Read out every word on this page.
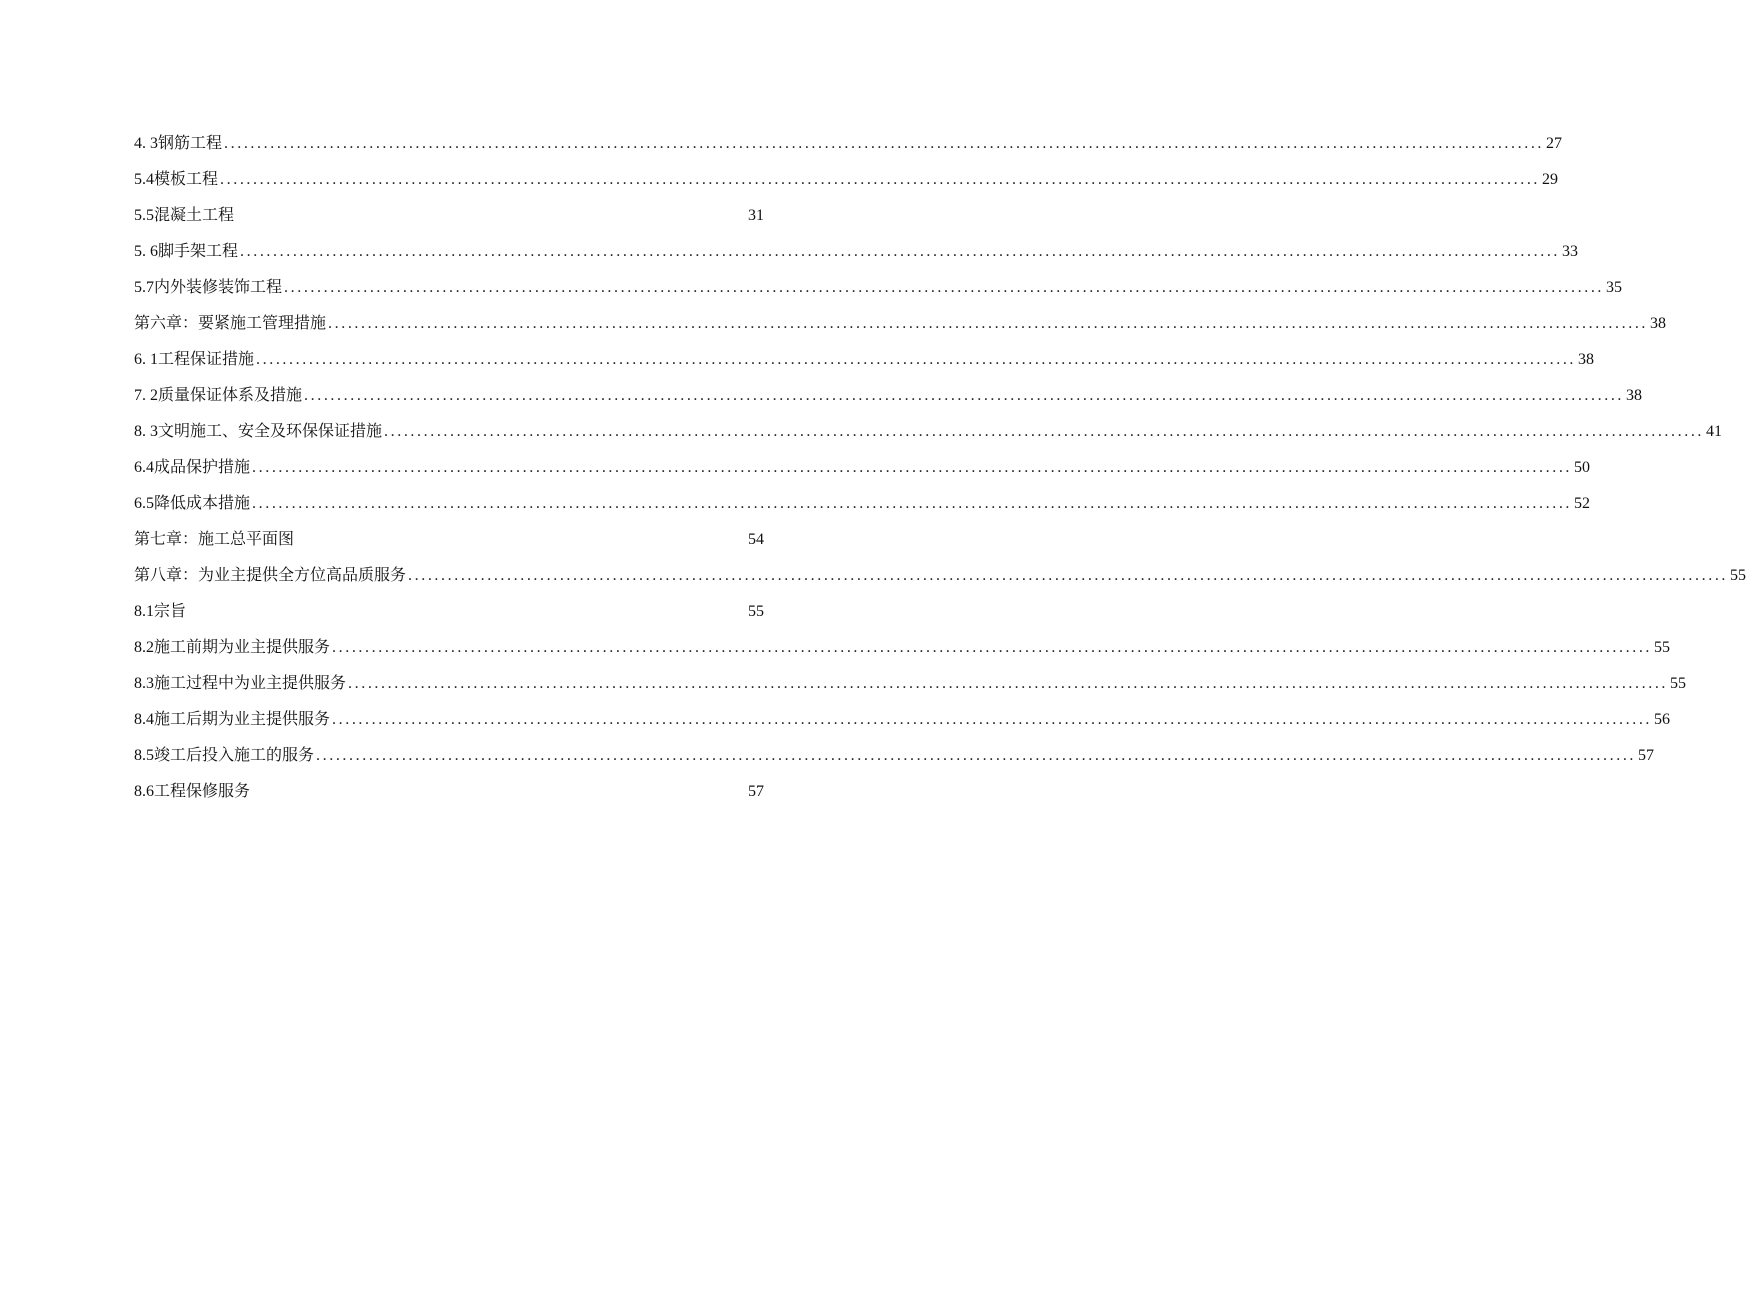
4. 3钢筋工程 ........................................................................................................................................................................................................ 27
5.4模板工程 ........................................................................................................................................................................................................ 29
5.5混凝土工程	31
5. 6脚手架工程 ........................................................................................................................................................................................................ 33
5.7内外装修装饰工程 ........................................................................................................................................................................................................ 35
第六章：要紧施工管理措施 ........................................................................................................................................................................................................ 38
6. 1工程保证措施 ........................................................................................................................................................................................................ 38
7. 2质量保证体系及措施 ........................................................................................................................................................................................................ 38
8. 3文明施工、安全及环保保证措施 ........................................................................................................................................................................................................ 41
6.4成品保护措施 ........................................................................................................................................................................................................ 50
6.5降低成本措施 ........................................................................................................................................................................................................ 52
第七章：施工总平面图	54
第八章：为业主提供全方位高品质服务 ........................................................................................................................................................................................................ 55
8.1宗旨	55
8.2施工前期为业主提供服务 ........................................................................................................................................................................................................ 55
8.3施工过程中为业主提供服务 ........................................................................................................................................................................................................ 55
8.4施工后期为业主提供服务 ........................................................................................................................................................................................................ 56
8.5竣工后投入施工的服务 ........................................................................................................................................................................................................ 57
8.6工程保修服务	57
